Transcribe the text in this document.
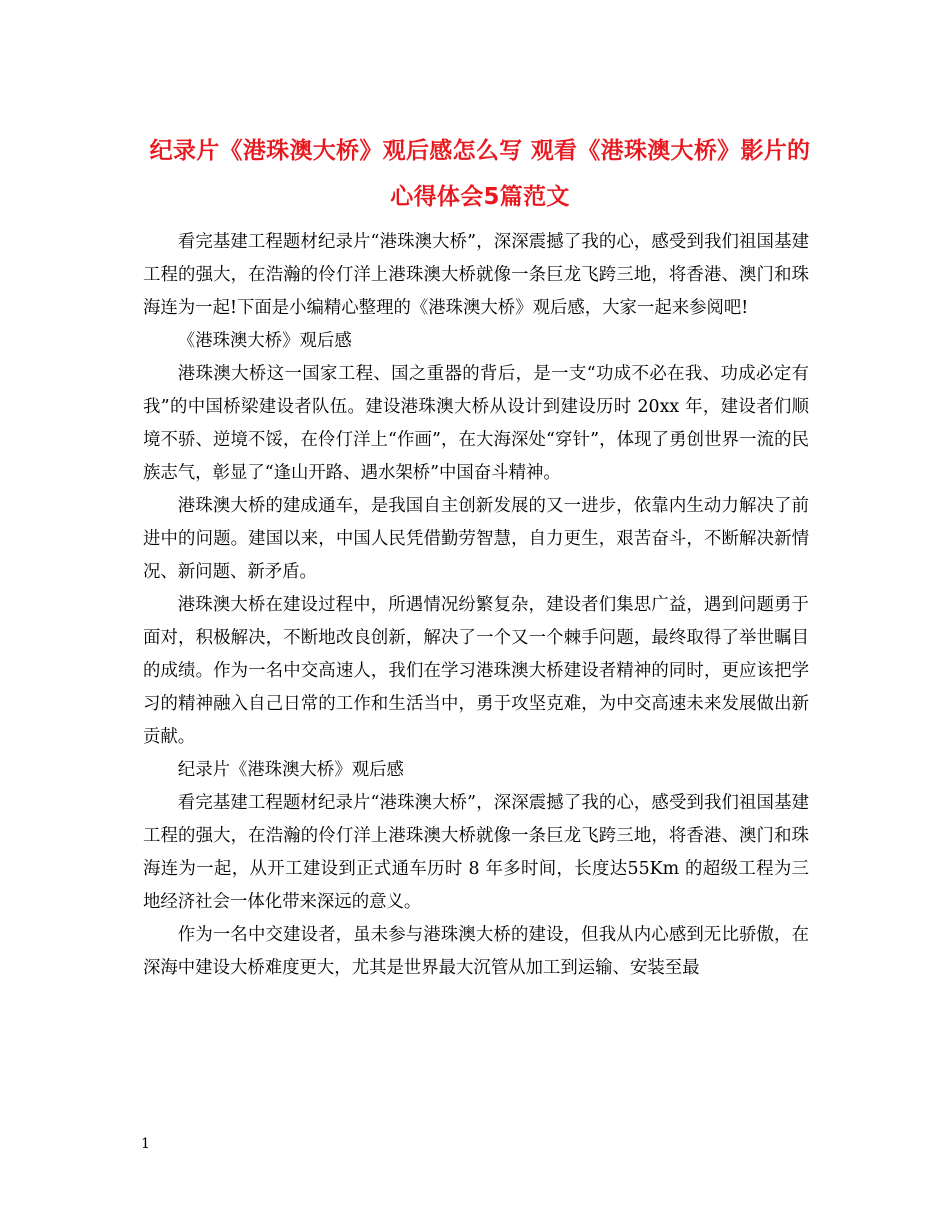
纪录片《港珠澳大桥》观后感怎么写 观看《港珠澳大桥》影片的心得体会5篇范文

看完基建工程题材纪录片“港珠澳大桥”，深深震撼了我的心，感受到我们祖国基建工程的强大，在浩瀚的伶仃洋上港珠澳大桥就像一条巨龙飞跨三地，将香港、澳门和珠海连为一起!下面是小编精心整理的《港珠澳大桥》观后感，大家一起来参阅吧!

《港珠澳大桥》观后感

港珠澳大桥这一国家工程、国之重器的背后，是一支“功成不必在我、功成必定有我”的中国桥梁建设者队伍。建设港珠澳大桥从设计到建设历时 20xx 年，建设者们顺境不骄、逆境不馁，在伶仃洋上“作画”，在大海深处“穿针”，体现了勇创世界一流的民族志气，彰显了“逢山开路、遇水架桥”中国奋斗精神。

港珠澳大桥的建成通车，是我国自主创新发展的又一进步，依靠内生动力解决了前进中的问题。建国以来，中国人民凭借勤劳智慧，自力更生，艰苦奋斗，不断解决新情况、新问题、新矛盾。

港珠澳大桥在建设过程中，所遇情况纷繁复杂，建设者们集思广益，遇到问题勇于面对，积极解决，不断地改良创新，解决了一个又一个棘手问题，最终取得了举世瞩目的成绩。作为一名中交高速人，我们在学习港珠澳大桥建设者精神的同时，更应该把学习的精神融入自己日常的工作和生活当中，勇于攻坚克难，为中交高速未来发展做出新贡献。

纪录片《港珠澳大桥》观后感

看完基建工程题材纪录片“港珠澳大桥”，深深震撼了我的心，感受到我们祖国基建工程的强大，在浩瀚的伶仃洋上港珠澳大桥就像一条巨龙飞跨三地，将香港、澳门和珠海连为一起，从开工建设到正式通车历时 8 年多时间，长度达55Km 的超级工程为三地经济社会一体化带来深远的意义。

作为一名中交建设者，虽未参与港珠澳大桥的建设，但我从内心感到无比骄傲，在深海中建设大桥难度更大，尤其是世界最大沉管从加工到运输、安装至最

1
